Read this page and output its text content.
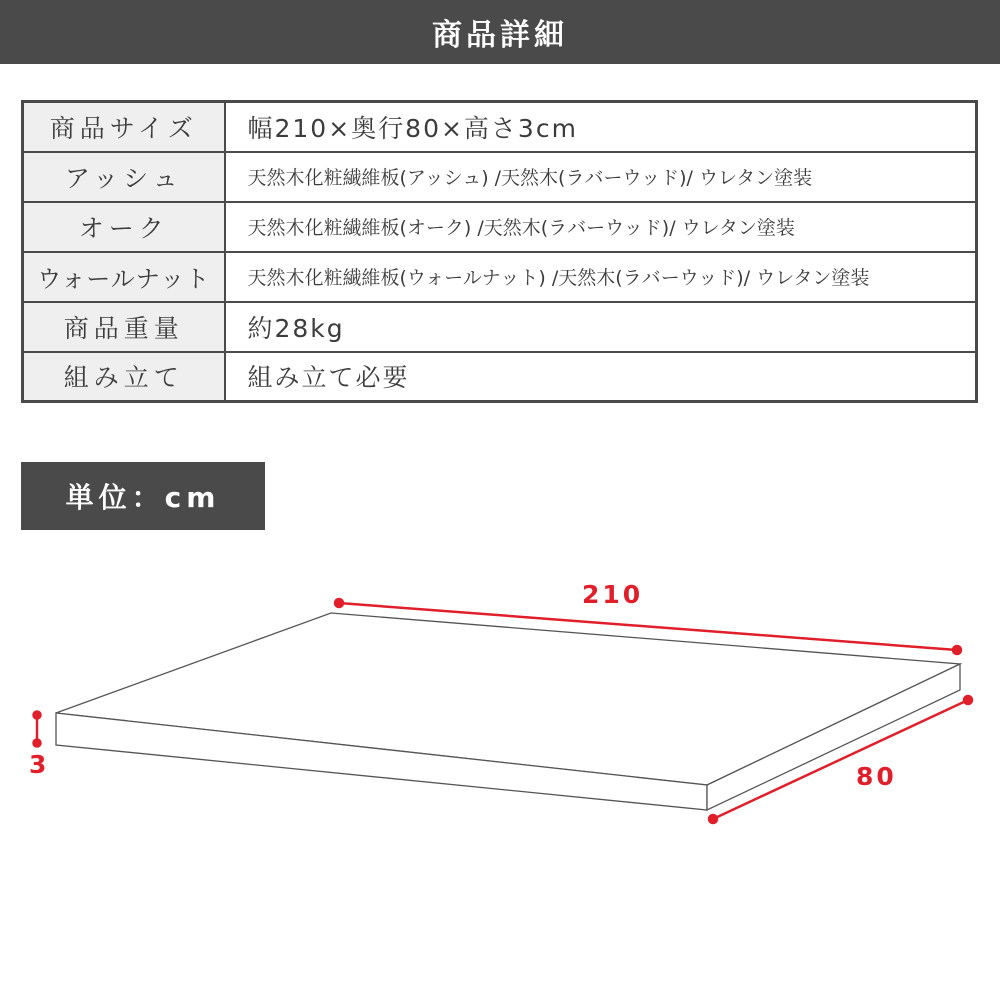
商品詳細
商品サイズ	幅210×奥行80×高さ3cm
アッシュ	天然木化粧繊維板(アッシュ) /天然木(ラバーウッド)/ ウレタン塗装
オーク	天然木化粧繊維板(オーク) /天然木(ラバーウッド)/ ウレタン塗装
ウォールナット	天然木化粧繊維板(ウォールナット) /天然木(ラバーウッド)/ ウレタン塗装
商品重量	約28kg
組み立て	組み立て必要
単位：cm
210
80
3
